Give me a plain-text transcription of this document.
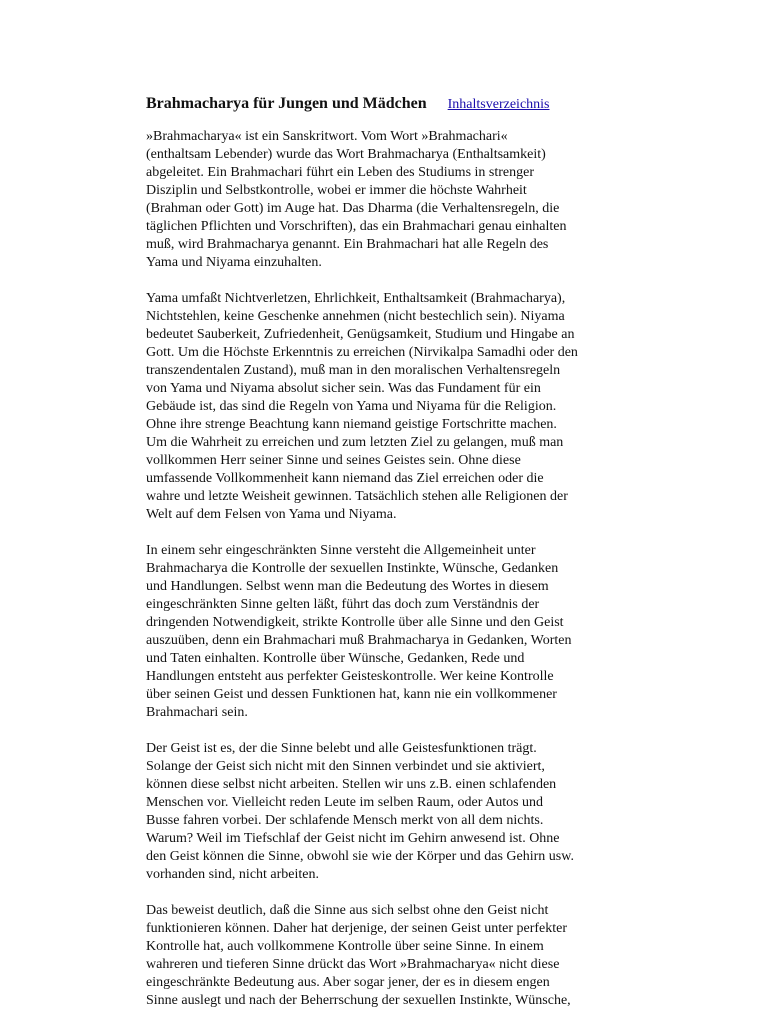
Brahmacharya für Jungen und Mädchen Inhaltsverzeichnis

»Brahmacharya« ist ein Sanskritwort. Vom Wort »Brahmachari«
(enthaltsam Lebender) wurde das Wort Brahmacharya (Enthaltsamkeit)
abgeleitet. Ein Brahmachari führt ein Leben des Studiums in strenger
Disziplin und Selbstkontrolle, wobei er immer die höchste Wahrheit
(Brahman oder Gott) im Auge hat. Das Dharma (die Verhaltensregeln, die
täglichen Pflichten und Vorschriften), das ein Brahmachari genau einhalten
muß, wird Brahmacharya genannt. Ein Brahmachari hat alle Regeln des
Yama und Niyama einzuhalten.

Yama umfaßt Nichtverletzen, Ehrlichkeit, Enthaltsamkeit (Brahmacharya),
Nichtstehlen, keine Geschenke annehmen (nicht bestechlich sein). Niyama
bedeutet Sauberkeit, Zufriedenheit, Genügsamkeit, Studium und Hingabe an
Gott. Um die Höchste Erkenntnis zu erreichen (Nirvikalpa Samadhi oder den
transzendentalen Zustand), muß man in den moralischen Verhaltensregeln
von Yama und Niyama absolut sicher sein. Was das Fundament für ein
Gebäude ist, das sind die Regeln von Yama und Niyama für die Religion.
Ohne ihre strenge Beachtung kann niemand geistige Fortschritte machen.
Um die Wahrheit zu erreichen und zum letzten Ziel zu gelangen, muß man
vollkommen Herr seiner Sinne und seines Geistes sein. Ohne diese
umfassende Vollkommenheit kann niemand das Ziel erreichen oder die
wahre und letzte Weisheit gewinnen. Tatsächlich stehen alle Religionen der
Welt auf dem Felsen von Yama und Niyama.

In einem sehr eingeschränkten Sinne versteht die Allgemeinheit unter
Brahmacharya die Kontrolle der sexuellen Instinkte, Wünsche, Gedanken
und Handlungen. Selbst wenn man die Bedeutung des Wortes in diesem
eingeschränkten Sinne gelten läßt, führt das doch zum Verständnis der
dringenden Notwendigkeit, strikte Kontrolle über alle Sinne und den Geist
auszuüben, denn ein Brahmachari muß Brahmacharya in Gedanken, Worten
und Taten einhalten. Kontrolle über Wünsche, Gedanken, Rede und
Handlungen entsteht aus perfekter Geisteskontrolle. Wer keine Kontrolle
über seinen Geist und dessen Funktionen hat, kann nie ein vollkommener
Brahmachari sein.

Der Geist ist es, der die Sinne belebt und alle Geistesfunktionen trägt.
Solange der Geist sich nicht mit den Sinnen verbindet und sie aktiviert,
können diese selbst nicht arbeiten. Stellen wir uns z.B. einen schlafenden
Menschen vor. Vielleicht reden Leute im selben Raum, oder Autos und
Busse fahren vorbei. Der schlafende Mensch merkt von all dem nichts.
Warum? Weil im Tiefschlaf der Geist nicht im Gehirn anwesend ist. Ohne
den Geist können die Sinne, obwohl sie wie der Körper und das Gehirn usw.
vorhanden sind, nicht arbeiten.

Das beweist deutlich, daß die Sinne aus sich selbst ohne den Geist nicht
funktionieren können. Daher hat derjenige, der seinen Geist unter perfekter
Kontrolle hat, auch vollkommene Kontrolle über seine Sinne. In einem
wahreren und tieferen Sinne drückt das Wort »Brahmacharya« nicht diese
eingeschränkte Bedeutung aus. Aber sogar jener, der es in diesem engen
Sinne auslegt und nach der Beherrschung der sexuellen Instinkte, Wünsche,
